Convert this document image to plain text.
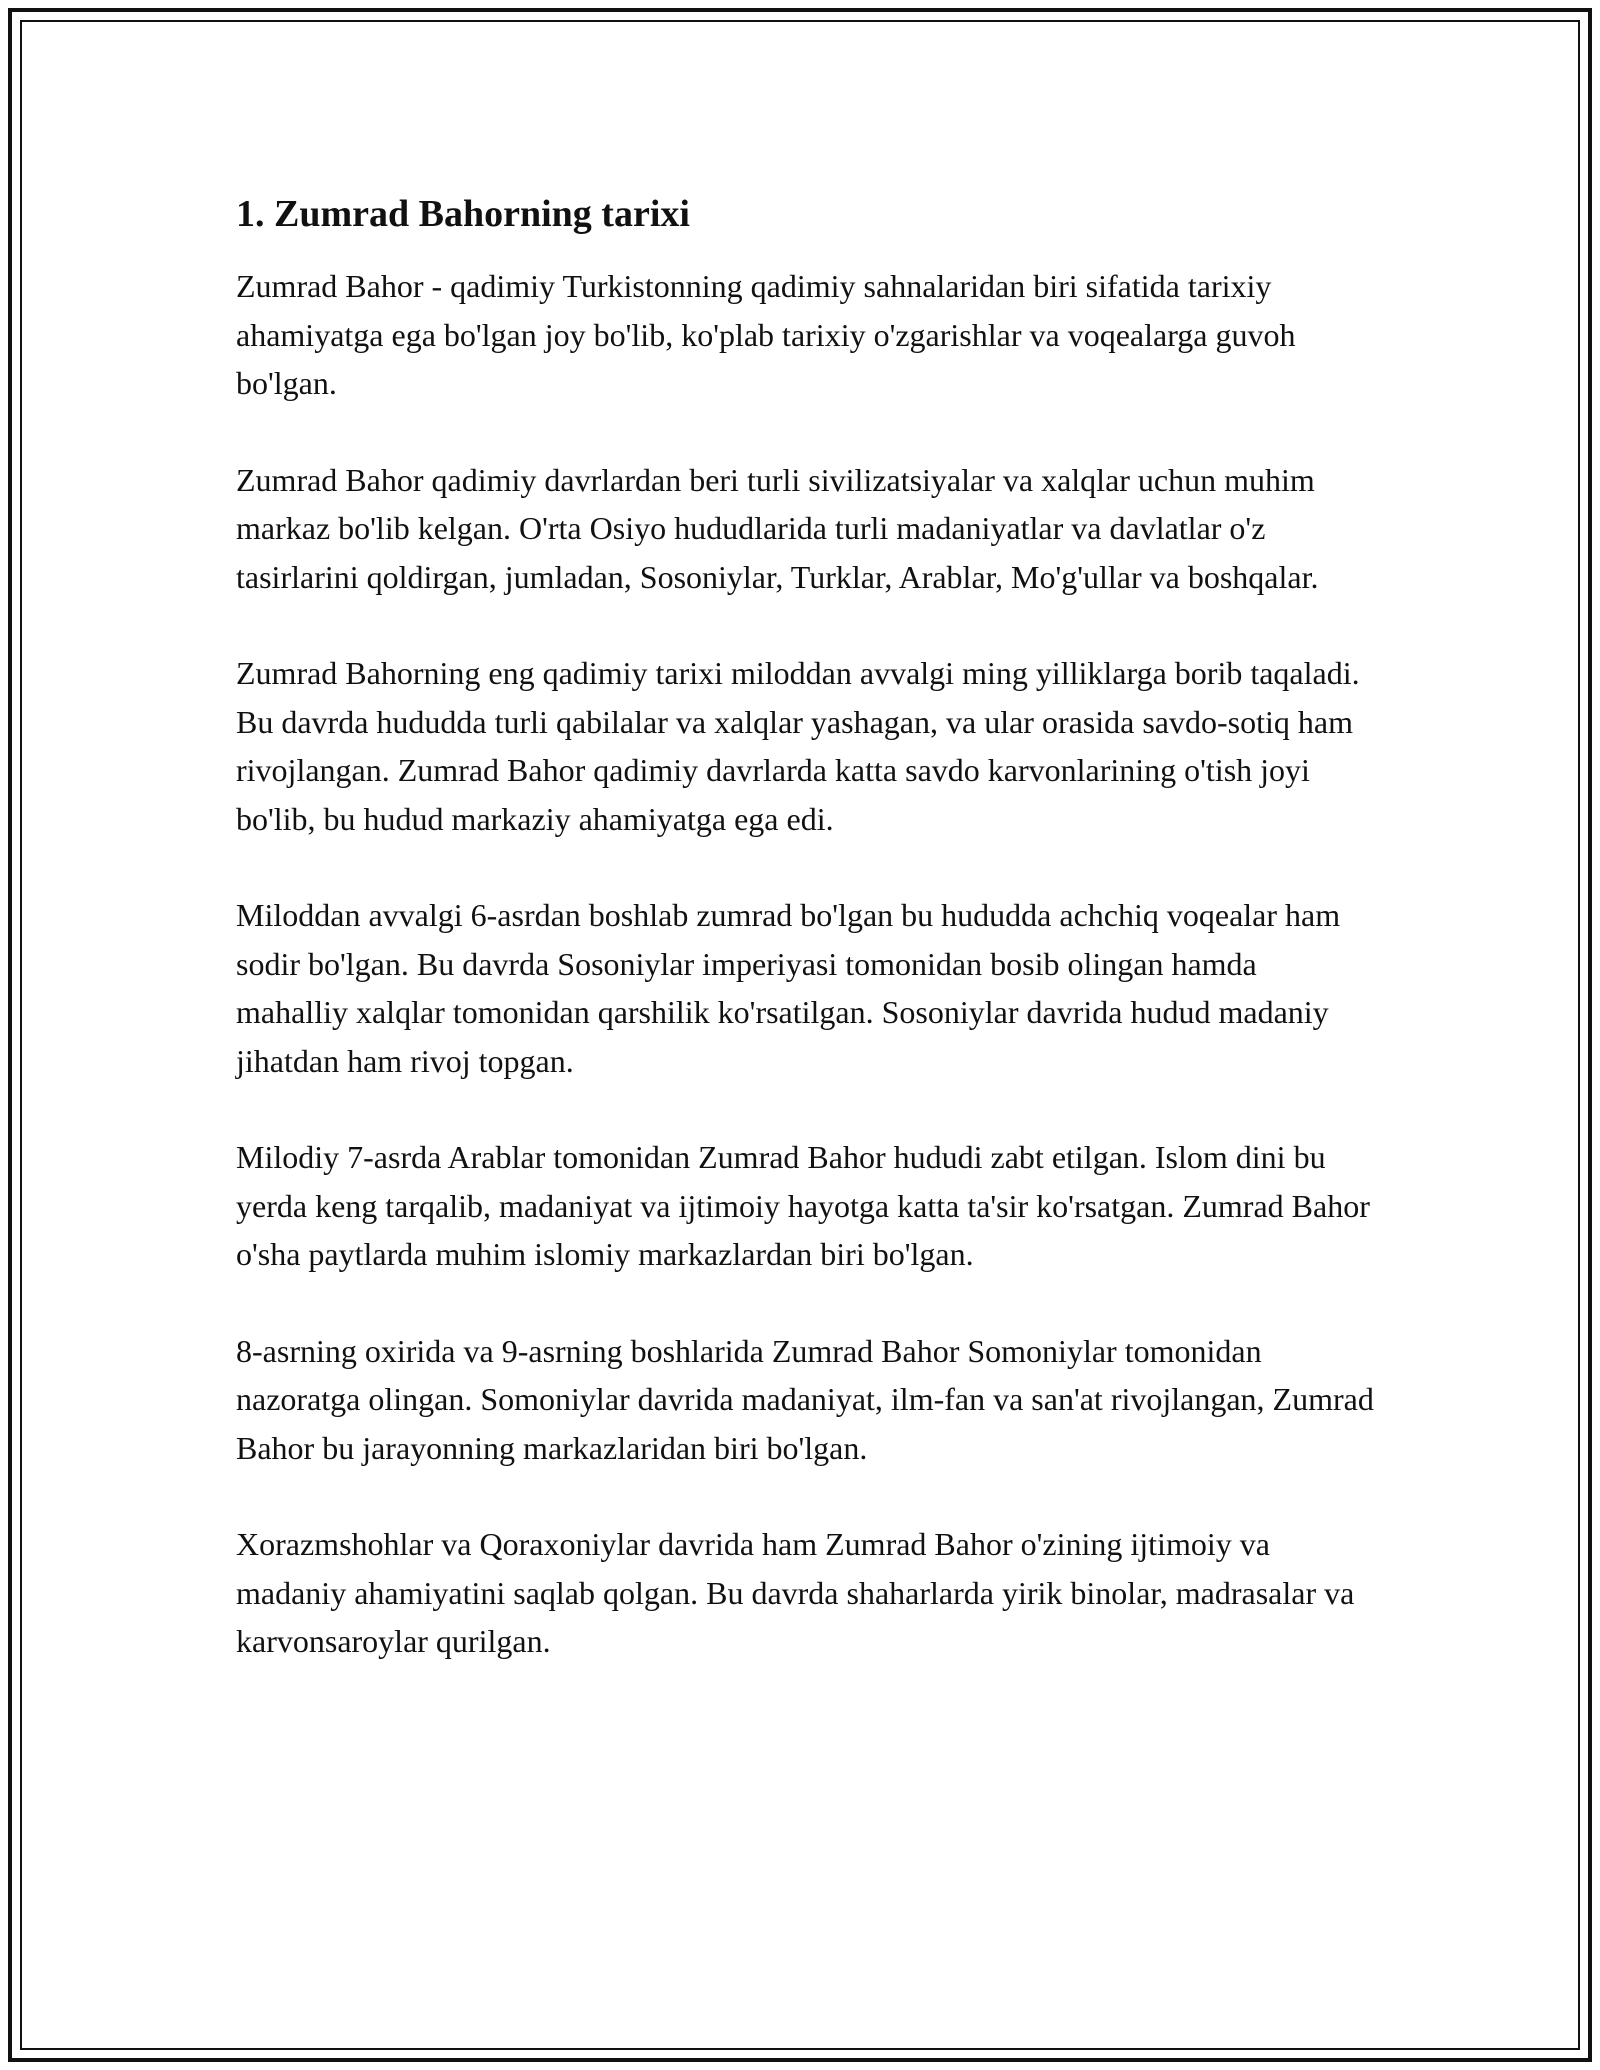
1. Zumrad Bahorning tarixi

Zumrad Bahor - qadimiy Turkistonning qadimiy sahnalaridan biri sifatida tarixiy ahamiyatga ega bo'lgan joy bo'lib, ko'plab tarixiy o'zgarishlar va voqealarga guvoh bo'lgan.

Zumrad Bahor qadimiy davrlardan beri turli sivilizatsiyalar va xalqlar uchun muhim markaz bo'lib kelgan. O'rta Osiyo hududlarida turli madaniyatlar va davlatlar o'z tasirlarini qoldirgan, jumladan, Sosoniylar, Turklar, Arablar, Mo'g'ullar va boshqalar.

Zumrad Bahorning eng qadimiy tarixi miloddan avvalgi ming yilliklarga borib taqaladi. Bu davrda hududda turli qabilalar va xalqlar yashagan, va ular orasida savdo-sotiq ham rivojlangan. Zumrad Bahor qadimiy davrlarda katta savdo karvonlarining o'tish joyi bo'lib, bu hudud markaziy ahamiyatga ega edi.

Miloddan avvalgi 6-asrdan boshlab zumrad bo'lgan bu hududda achchiq voqealar ham sodir bo'lgan. Bu davrda Sosoniylar imperiyasi tomonidan bosib olingan hamda mahalliy xalqlar tomonidan qarshilik ko'rsatilgan. Sosoniylar davrida hudud madaniy jihatdan ham rivoj topgan.

Milodiy 7-asrda Arablar tomonidan Zumrad Bahor hududi zabt etilgan. Islom dini bu yerda keng tarqalib, madaniyat va ijtimoiy hayotga katta ta'sir ko'rsatgan. Zumrad Bahor o'sha paytlarda muhim islomiy markazlardan biri bo'lgan.

8-asrning oxirida va 9-asrning boshlarida Zumrad Bahor Somoniylar tomonidan nazoratga olingan. Somoniylar davrida madaniyat, ilm-fan va san'at rivojlangan, Zumrad Bahor bu jarayonning markazlaridan biri bo'lgan.

Xorazmshohlar va Qoraxoniylar davrida ham Zumrad Bahor o'zining ijtimoiy va madaniy ahamiyatini saqlab qolgan. Bu davrda shaharlarda yirik binolar, madrasalar va karvonsaroylar qurilgan.
